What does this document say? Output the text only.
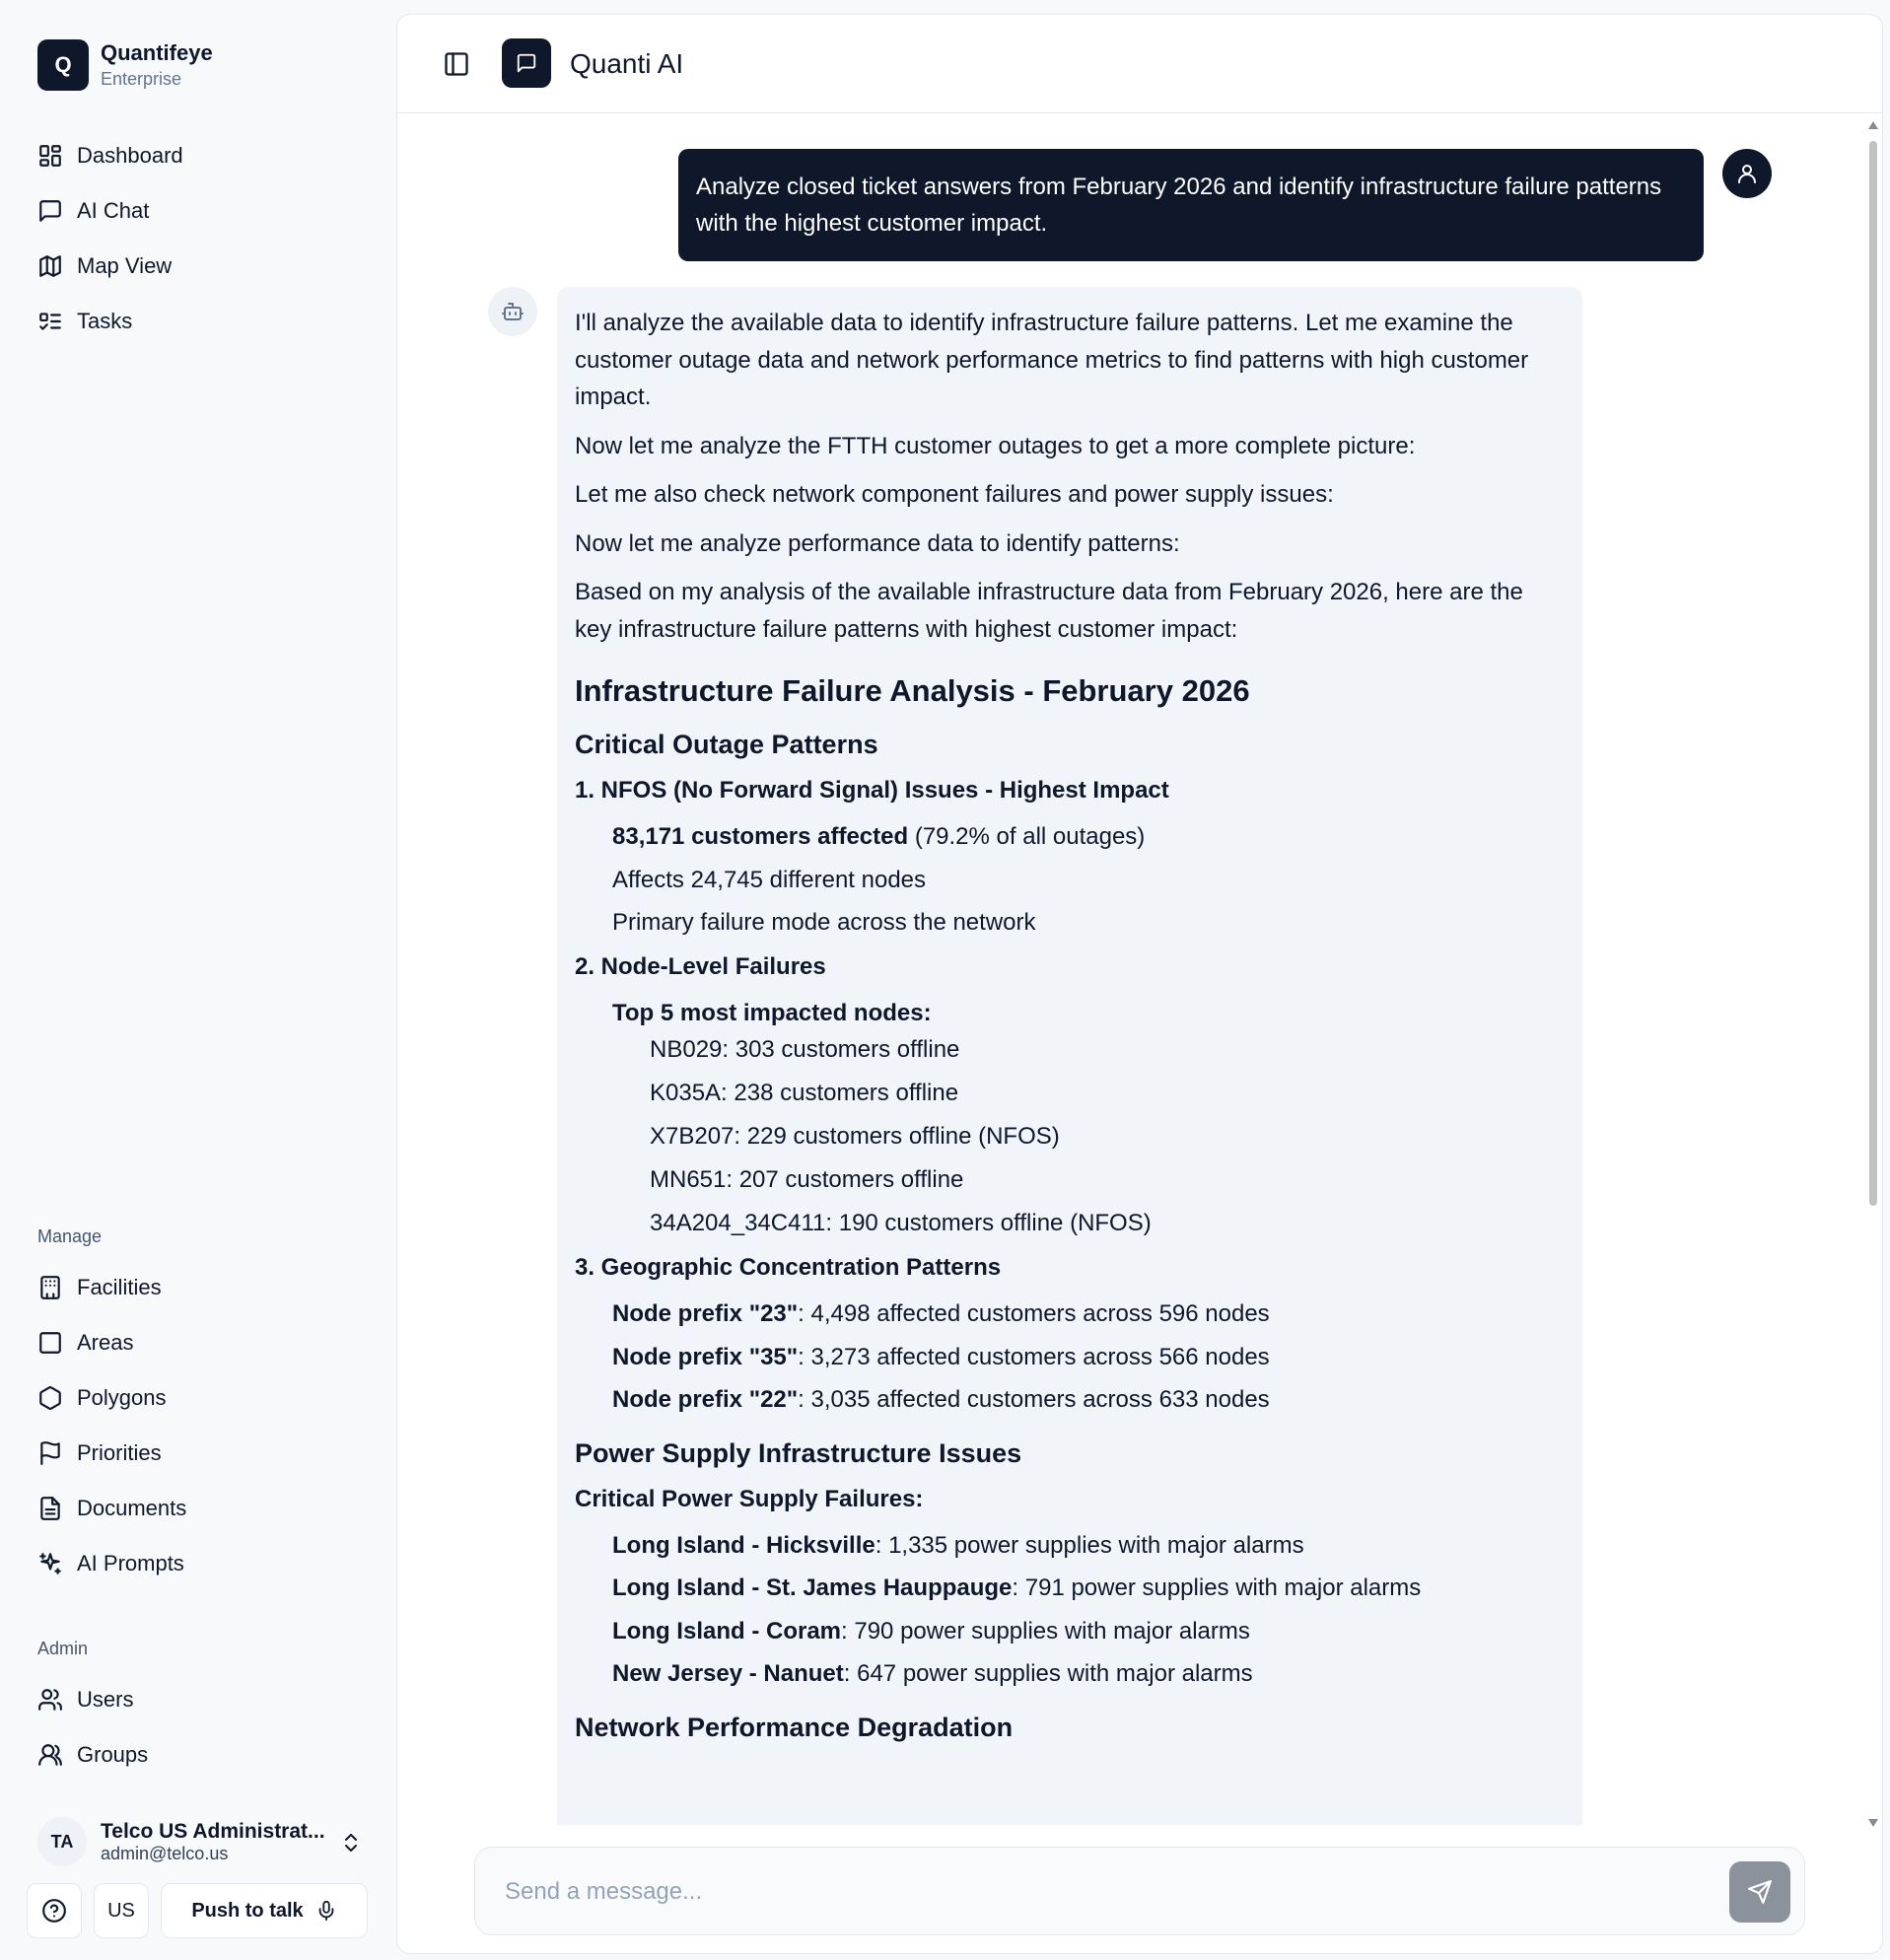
Q	Quantifeye
Enterprise
Dashboard
AI Chat
Map View
Tasks
Manage
Facilities
Areas
Polygons
Priorities
Documents
AI Prompts
Admin
Users
Groups
TA	Telco US Administrat...
admin@telco.us
US	Push to talk
Quanti AI
Analyze closed ticket answers from February 2026 and identify infrastructure failure patterns with the highest customer impact.

I'll analyze the available data to identify infrastructure failure patterns. Let me examine the customer outage data and network performance metrics to find patterns with high customer impact.

Now let me analyze the FTTH customer outages to get a more complete picture:

Let me also check network component failures and power supply issues:

Now let me analyze performance data to identify patterns:

Based on my analysis of the available infrastructure data from February 2026, here are the key infrastructure failure patterns with highest customer impact:

Infrastructure Failure Analysis - February 2026
Critical Outage Patterns
1. NFOS (No Forward Signal) Issues - Highest Impact
83,171 customers affected (79.2% of all outages)
Affects 24,745 different nodes
Primary failure mode across the network
2. Node-Level Failures
Top 5 most impacted nodes:
NB029: 303 customers offline
K035A: 238 customers offline
X7B207: 229 customers offline (NFOS)
MN651: 207 customers offline
34A204_34C411: 190 customers offline (NFOS)
3. Geographic Concentration Patterns
Node prefix "23": 4,498 affected customers across 596 nodes
Node prefix "35": 3,273 affected customers across 566 nodes
Node prefix "22": 3,035 affected customers across 633 nodes
Power Supply Infrastructure Issues
Critical Power Supply Failures:
Long Island - Hicksville: 1,335 power supplies with major alarms
Long Island - St. James Hauppauge: 791 power supplies with major alarms
Long Island - Coram: 790 power supplies with major alarms
New Jersey - Nanuet: 647 power supplies with major alarms
Network Performance Degradation
Send a message...
